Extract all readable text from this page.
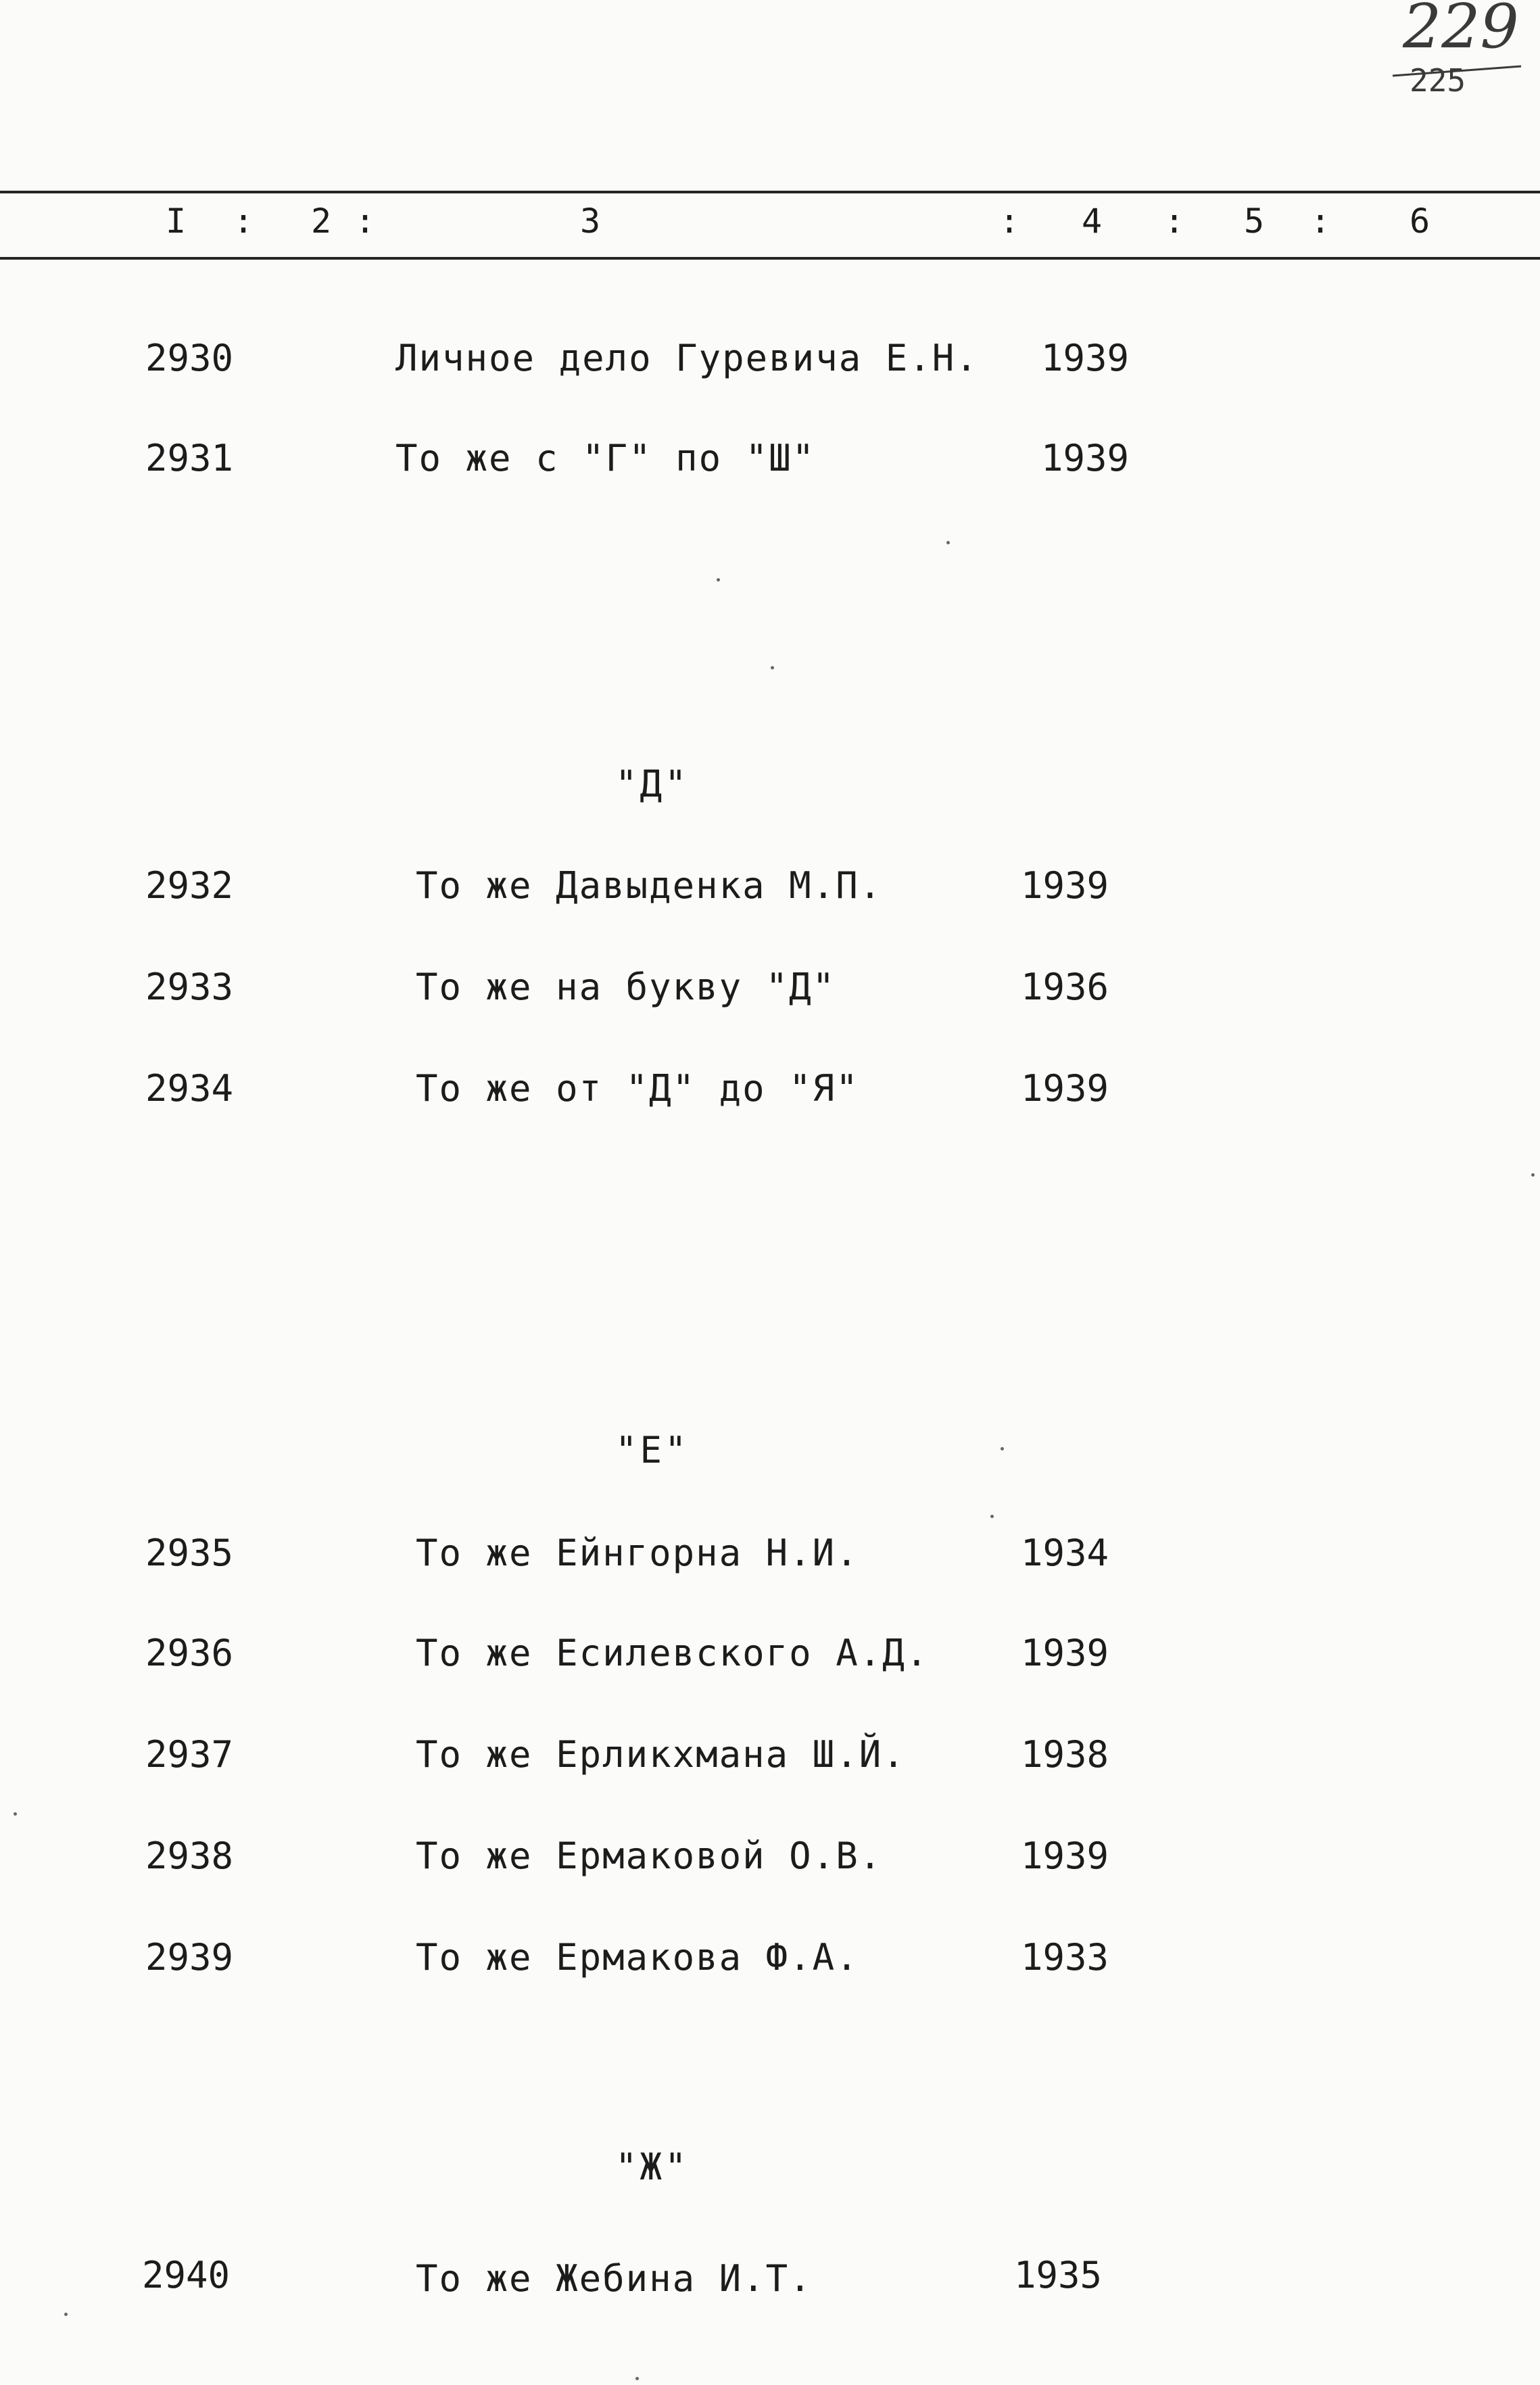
229
225
I : 2 :	3	: 4 : 5 : 6
"Д"
"Е"
"Ж"
2930	Личное дело Гуревича Е.Н. 1939
2931	То же с "Г" по "Ш"	1939
2932	То же Давыденка М.П.	1939
2933	То же на букву "Д"	1936
2934	То же от "Д" до "Я"	1939
2935	То же Ейнгорна Н.И.	1934
2936	То же Есилевского А.Д.	1939
2937	То же Ерликхмана Ш.Й.	1938
2938	То же Ермаковой О.В.	1939
2939	То же Ермакова Ф.А.	1933
2940	То же Жебина И.Т.	1935
